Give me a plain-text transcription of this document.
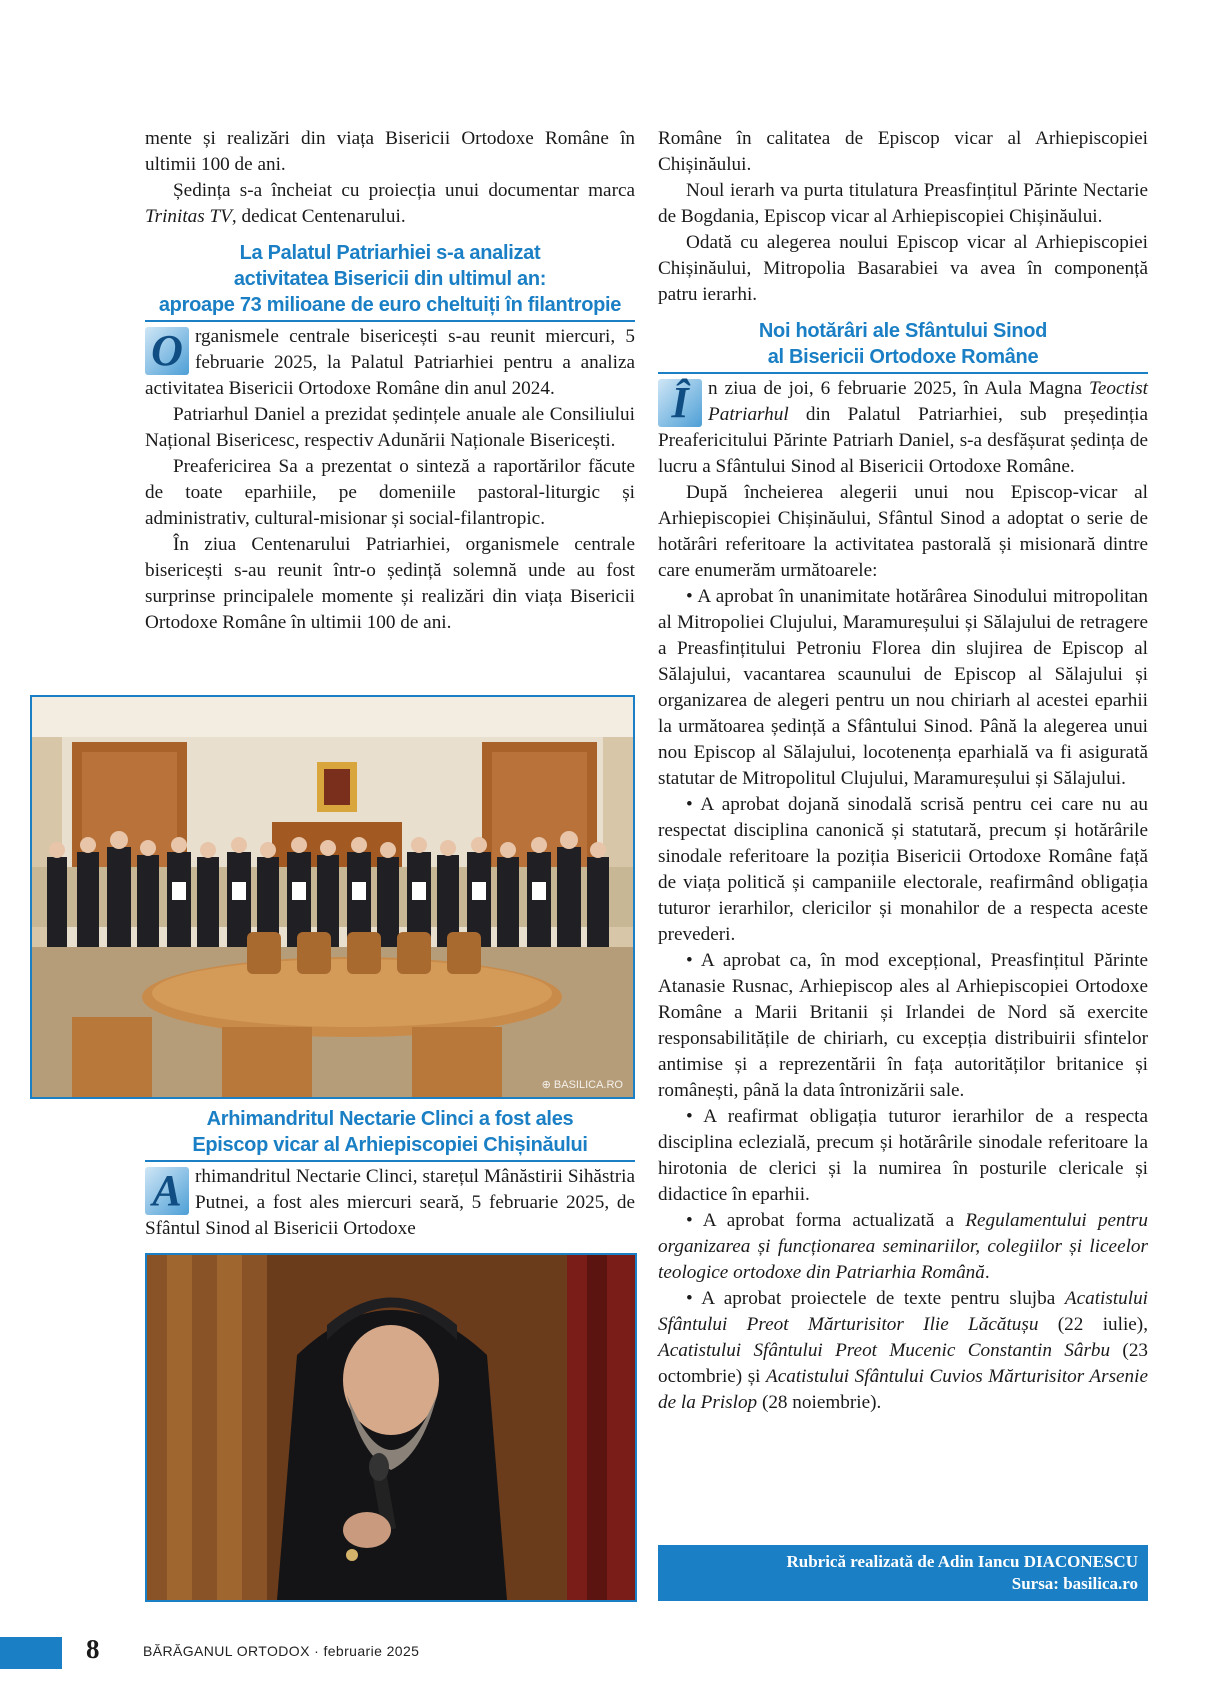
mente și realizări din viața Bisericii Ortodoxe Române în ultimii 100 de ani.

Ședința s-a încheiat cu proiecția unui documentar marca Trinitas TV, dedicat Centenarului.

La Palatul Patriarhiei s-a analizat
activitatea Bisericii din ultimul an:
aproape 73 milioane de euro cheltuiți în filantropie

O rganismele centrale bisericești s-au reunit miercuri, 5 februarie 2025, la Palatul Patriarhiei pentru a analiza activitatea Bisericii Ortodoxe Române din anul 2024.

Patriarhul Daniel a prezidat ședințele anuale ale Consiliului Național Bisericesc, respectiv Adunării Naționale Bisericești.

Preafericirea Sa a prezentat o sinteză a raportărilor făcute de toate eparhiile, pe domeniile pastoral-liturgic și administrativ, cultural-misionar și social-filantropic.

În ziua Centenarului Patriarhiei, organismele centrale bisericești s-au reunit într-o ședință solemnă unde au fost surprinse principalele momente și realizări din viața Bisericii Ortodoxe Române în ultimii 100 de ani.

⊕ BASILICA.RO
Arhimandritul Nectarie Clinci a fost ales
Episcop vicar al Arhiepiscopiei Chișinăului

A rhimandritul Nectarie Clinci, starețul Mânăstirii Sihăstria Putnei, a fost ales miercuri seară, 5 februarie 2025, de Sfântul Sinod al Bisericii Ortodoxe

Române în calitatea de Episcop vicar al Arhiepiscopiei Chișinăului.

Noul ierarh va purta titulatura Preasfințitul Părinte Nectarie de Bogdania, Episcop vicar al Arhiepiscopiei Chișinăului.

Odată cu alegerea noului Episcop vicar al Arhiepiscopiei Chișinăului, Mitropolia Basarabiei va avea în componență patru ierarhi.

Noi hotărâri ale Sfântului Sinod
al Bisericii Ortodoxe Române

Î	n ziua de joi, 6 februarie 2025, în Aula Magna Teoctist Patriarhul din Palatul Patriarhiei, sub președinția Preafericitului Părinte Patriarh Daniel, s-a desfășurat ședința de lucru a Sfântului Sinod al Bisericii Ortodoxe Române.

După încheierea alegerii unui nou Episcop-vicar al Arhiepiscopiei Chișinăului, Sfântul Sinod a adoptat o serie de hotărâri referitoare la activitatea pastorală și misionară dintre care enumerăm următoarele:

• A aprobat în unanimitate hotărârea Sinodului mitropolitan al Mitropoliei Clujului, Maramureșului și Sălajului de retragere a Preasfințitului Petroniu Florea din slujirea de Episcop al Sălajului, vacantarea scaunului de Episcop al Sălajului și organizarea de alegeri pentru un nou chiriarh al acestei eparhii la următoarea ședință a Sfântului Sinod. Până la alegerea unui nou Episcop al Sălajului, locotenența eparhială va fi asigurată statutar de Mitropolitul Clujului, Maramureșului și Sălajului.

• A aprobat dojană sinodală scrisă pentru cei care nu au respectat disciplina canonică și statutară, precum și hotărârile sinodale referitoare la poziția Bisericii Ortodoxe Române față de viața politică și campaniile electorale, reafirmând obligația tuturor ierarhilor, clericilor și monahilor de a respecta aceste prevederi.

• A aprobat ca, în mod excepțional, Preasfințitul Părinte Atanasie Rusnac, Arhiepiscop ales al Arhiepiscopiei Ortodoxe Române a Marii Britanii și Irlandei de Nord să exercite responsabilitățile de chiriarh, cu excepția distribuirii sfintelor antimise și a reprezentării în fața autorităților britanice și românești, până la data întronizării sale.

• A reafirmat obligația tuturor ierarhilor de a respecta disciplina eclezială, precum și hotărârile sinodale referitoare la hirotonia de clerici și la numirea în posturile clericale și didactice în eparhii.

• A aprobat forma actualizată a Regulamentului pentru organizarea și funcționarea seminariilor, colegiilor și liceelor teologice ortodoxe din Patriarhia Română.

• A aprobat proiectele de texte pentru slujba Acatistului Sfântului Preot Mărturisitor Ilie Lăcătușu (22 iulie), Acatistului Sfântului Preot Mucenic Constantin Sârbu (23 octombrie) și Acatistului Sfântului Cuvios Mărturisitor Arsenie de la Prislop (28 noiembrie).

Rubrică realizată de Adin Iancu DIACONESCU
Sursa: basilica.ro
8	BĂRĂGANUL ORTODOX · februarie 2025
